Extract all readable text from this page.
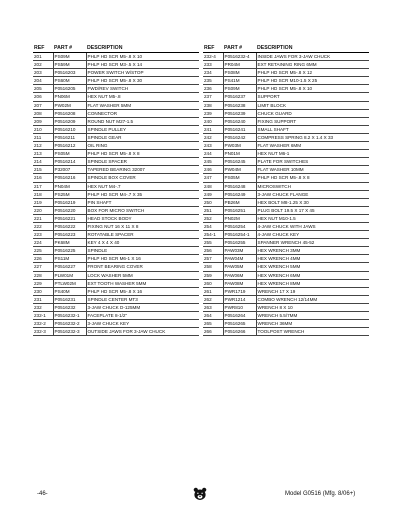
REF	PART #	DESCRIPTION
201	PS09M	PHLP HD SCR M5-.8 X 10
202	PS59M	PHLP HD SCR M3-.5 X 14
203	P0516203	POWER SWITCH W/STOP
204	PS60M	PHLP HD SCR M5-.8 X 30
205	P0516205	FWD/REV SWITCH
206	PN06M	HEX NUT M5-.8
207	PW02M	FLAT WASHER 5MM
208	P0516208	CONNECTOR
209	P0516209	ROUND NUT M27-1.5
210	P0516210	SPINDLE PULLEY
211	P0516211	SPINDLE GEAR
212	P0516212	OIL RING
213	PS05M	PHLP HD SCR M5-.8 X 8
214	P0516214	SPINDLE SPACER
215	P32007	TAPERED BEARING 32007
216	P0516216	SPINDLE BOX COVER
217	PN04M	HEX NUT M4-.7
218	PS25M	PHLP HD SCR M4-.7 X 35
219	P0516219	PIN SHAFT
220	P0516220	BOX FOR MICRO SWITCH
221	P0516221	HEAD STOCK BODY
222	P0516222	FIXING NUT 16 X 11 X 8
223	P0516223	ROTATABLE SPACER
224	PK68M	KEY 4 X 4 X 40
225	P0516225	SPINDLE
226	PS11M	PHLP HD SCR M6-1 X 16
227	P0516227	FRONT BEARING COVER
228	PLW01M	LOCK WASHER 5MM
229	PTLW02M	EXT TOOTH WASHER 5MM
230	PS40M	PHLP HD SCR M5-.8 X 16
231	P0516231	SPINDLE CENTER MT3
232	P0516232	3-JAW CHUCK D-125MM
232-1	P0516232-1	FACEPLATE 8-1/2"
232-2	P0516232-2	3-JAW CHUCK KEY
232-3	P0516232-3	OUTSIDE JAWS FOR 3-JAW CHUCK
REF	PART #	DESCRIPTION
232-4	P0516232-4	INSIDE JAWS FOR 3-JAW CHUCK
233	PR04M	EXT RETAINING RING 6MM
234	PS08M	PHLP HD SCR M5-.8 X 12
235	PS41M	PHLP HD SCR M10-1.5 X 25
236	PS09M	PHLP HD SCR M5-.8 X 10
237	P0516237	SUPPORT
238	P0516238	LIMIT BLOCK
239	P0516239	CHUCK GUARD
240	P0516240	FIXING SUPPORT
241	P0516241	SMALL SHAFT
242	P0516242	COMPRESS SPRING 8.2 X 1.4 X 33
243	PW03M	FLAT WASHER 6MM
244	PN01M	HEX NUT M6-1
245	P0516245	PLATE FOR SWITCHES
246	PW04M	FLAT WASHER 10MM
247	PS05M	PHLP HD SCR M5-.8 X 8
248	P0516248	MICROSWITCH
249	P0516249	3-JAW CHUCK FLANGE
250	PB26M	HEX BOLT M8-1.25 X 30
251	P0516251	PLUG BOLT 19.5 X 17 X 45
252	PN02M	HEX NUT M10-1.5
254	P0516254	4-JAW CHUCK WITH JAWS
254-1	P0516254-1	4-JAW CHUCK KEY
255	P0516255	SPANNER WRENCH 45-52
256	PAW03M	HEX WRENCH 3MM
257	PAW04M	HEX WRENCH 4MM
258	PAW05M	HEX WRENCH 5MM
259	PAW06M	HEX WRENCH 6MM
260	PAW08M	HEX WRENCH 8MM
261	PWR1719	WRENCH 17 X 19
262	PWR1214	COMBO WRENCH 12/14MM
263	PWR810	WRENCH 8 X 10
264	P0516264	WRENCH 5.5/7MM
265	P0516265	WRENCH 36MM
266	P0516266	TOOLPOST WRENCH
-46-	Model G0516 (Mfg. 8/06+)
